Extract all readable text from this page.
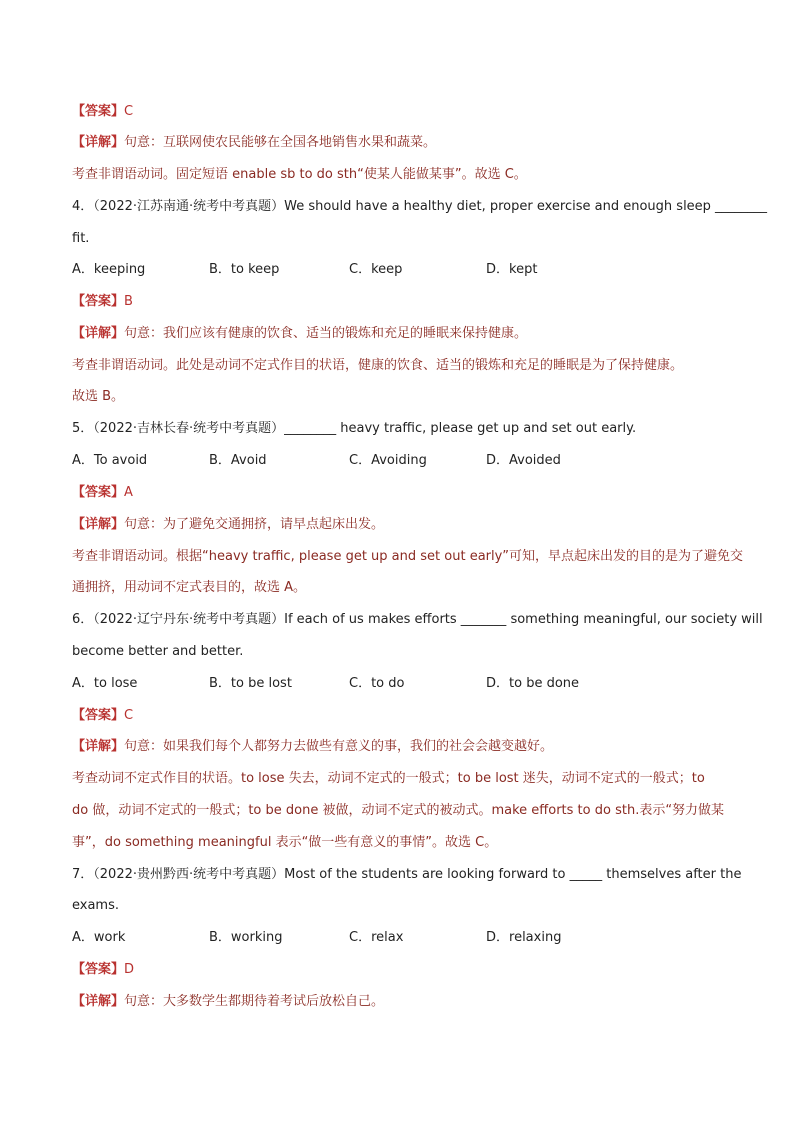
【答案】C
【详解】句意：互联网使农民能够在全国各地销售水果和蔬菜。
考查非谓语动词。固定短语 enable sb to do sth“使某人能做某事”。故选 C。
4．（2022·江苏南通·统考中考真题）We should have a healthy diet, proper exercise and enough sleep ________
fit.
A．keeping	B．to keep	C．keep	D．kept
【答案】B
【详解】句意：我们应该有健康的饮食、适当的锻炼和充足的睡眠来保持健康。
考查非谓语动词。此处是动词不定式作目的状语，健康的饮食、适当的锻炼和充足的睡眠是为了保持健康。
故选 B。
5．（2022·吉林长春·统考中考真题）________ heavy traffic, please get up and set out early.
A．To avoid	B．Avoid	C．Avoiding	D．Avoided
【答案】A
【详解】句意：为了避免交通拥挤，请早点起床出发。
考查非谓语动词。根据“heavy traffic, please get up and set out early”可知，早点起床出发的目的是为了避免交
通拥挤，用动词不定式表目的，故选 A。
6．（2022·辽宁丹东·统考中考真题）If each of us makes efforts _______ something meaningful, our society will
become better and better.
A．to lose	B．to be lost	C．to do	D．to be done
【答案】C
【详解】句意：如果我们每个人都努力去做些有意义的事，我们的社会会越变越好。
考查动词不定式作目的状语。to lose 失去，动词不定式的一般式；to be lost 迷失，动词不定式的一般式；to
do 做，动词不定式的一般式；to be done 被做，动词不定式的被动式。make efforts to do sth.表示“努力做某
事”，do something meaningful 表示“做一些有意义的事情”。故选 C。
7．（2022·贵州黔西·统考中考真题）Most of the students are looking forward to _____ themselves after the
exams.
A．work	B．working	C．relax	D．relaxing
【答案】D
【详解】句意：大多数学生都期待着考试后放松自己。
